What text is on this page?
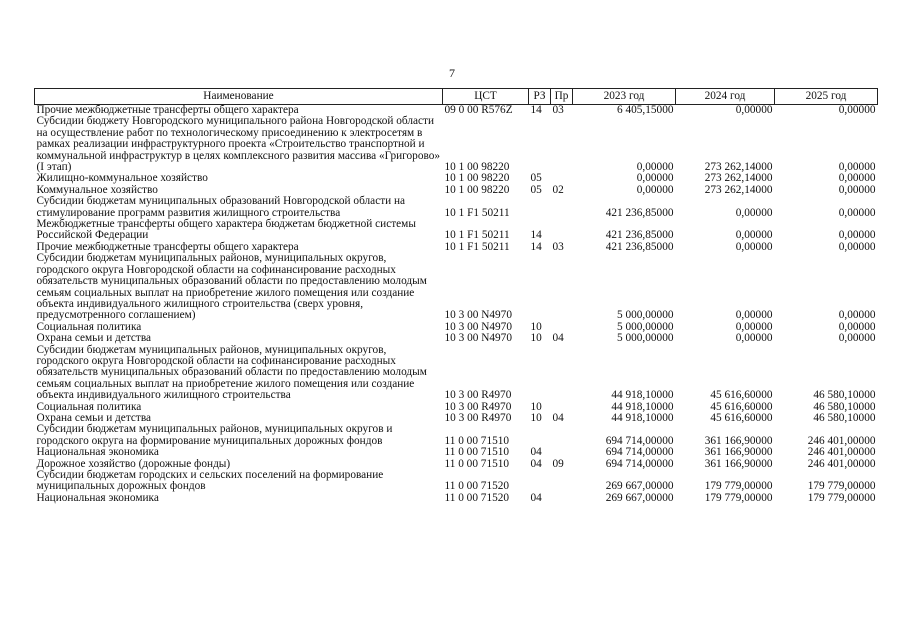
7
Наименование	ЦСТ	РЗ	Пр	2023 год	2024 год	2025 год
Прочие межбюджетные трансферты общего характера	09 0 00 R576Z	14	03	6 405,15000	0,00000	0,00000
Субсидии бюджету Новгородского муниципального района Новгородской области на осуществление работ по технологическому присоединению к электросетям в рамках реализации инфраструктурного проекта «Строительство транспортной и коммунальной инфраструктур в целях комплексного развития массива «Григорово» (I этап)	10 1 00 98220			0,00000	273 262,14000	0,00000
Жилищно-коммунальное хозяйство	10 1 00 98220	05		0,00000	273 262,14000	0,00000
Коммунальное хозяйство	10 1 00 98220	05	02	0,00000	273 262,14000	0,00000
Субсидии бюджетам муниципальных образований Новгородской области на стимулирование программ развития жилищного строительства	10 1 F1 50211			421 236,85000	0,00000	0,00000
Межбюджетные трансферты общего характера бюджетам бюджетной системы Российской Федерации	10 1 F1 50211	14		421 236,85000	0,00000	0,00000
Прочие межбюджетные трансферты общего характера	10 1 F1 50211	14	03	421 236,85000	0,00000	0,00000
Субсидии бюджетам муниципальных районов, муниципальных округов, городского округа Новгородской области на софинансирование расходных обязательств муниципальных образований области по предоставлению молодым семьям социальных выплат на приобретение жилого помещения или создание объекта индивидуального жилищного строительства (сверх уровня, предусмотренного соглашением)	10 3 00 N4970			5 000,00000	0,00000	0,00000
Социальная политика	10 3 00 N4970	10		5 000,00000	0,00000	0,00000
Охрана семьи и детства	10 3 00 N4970	10	04	5 000,00000	0,00000	0,00000
Субсидии бюджетам муниципальных районов, муниципальных округов, городского округа Новгородской области на софинансирование расходных обязательств муниципальных образований области по предоставлению молодым семьям социальных выплат на приобретение жилого помещения или создание объекта индивидуального жилищного строительства	10 3 00 R4970			44 918,10000	45 616,60000	46 580,10000
Социальная политика	10 3 00 R4970	10		44 918,10000	45 616,60000	46 580,10000
Охрана семьи и детства	10 3 00 R4970	10	04	44 918,10000	45 616,60000	46 580,10000
Субсидии бюджетам муниципальных районов, муниципальных округов и городского округа на формирование муниципальных дорожных фондов	11 0 00 71510			694 714,00000	361 166,90000	246 401,00000
Национальная экономика	11 0 00 71510	04		694 714,00000	361 166,90000	246 401,00000
Дорожное хозяйство (дорожные фонды)	11 0 00 71510	04	09	694 714,00000	361 166,90000	246 401,00000
Субсидии бюджетам городских и сельских поселений на формирование муниципальных дорожных фондов	11 0 00 71520			269 667,00000	179 779,00000	179 779,00000
Национальная экономика	11 0 00 71520	04		269 667,00000	179 779,00000	179 779,00000
